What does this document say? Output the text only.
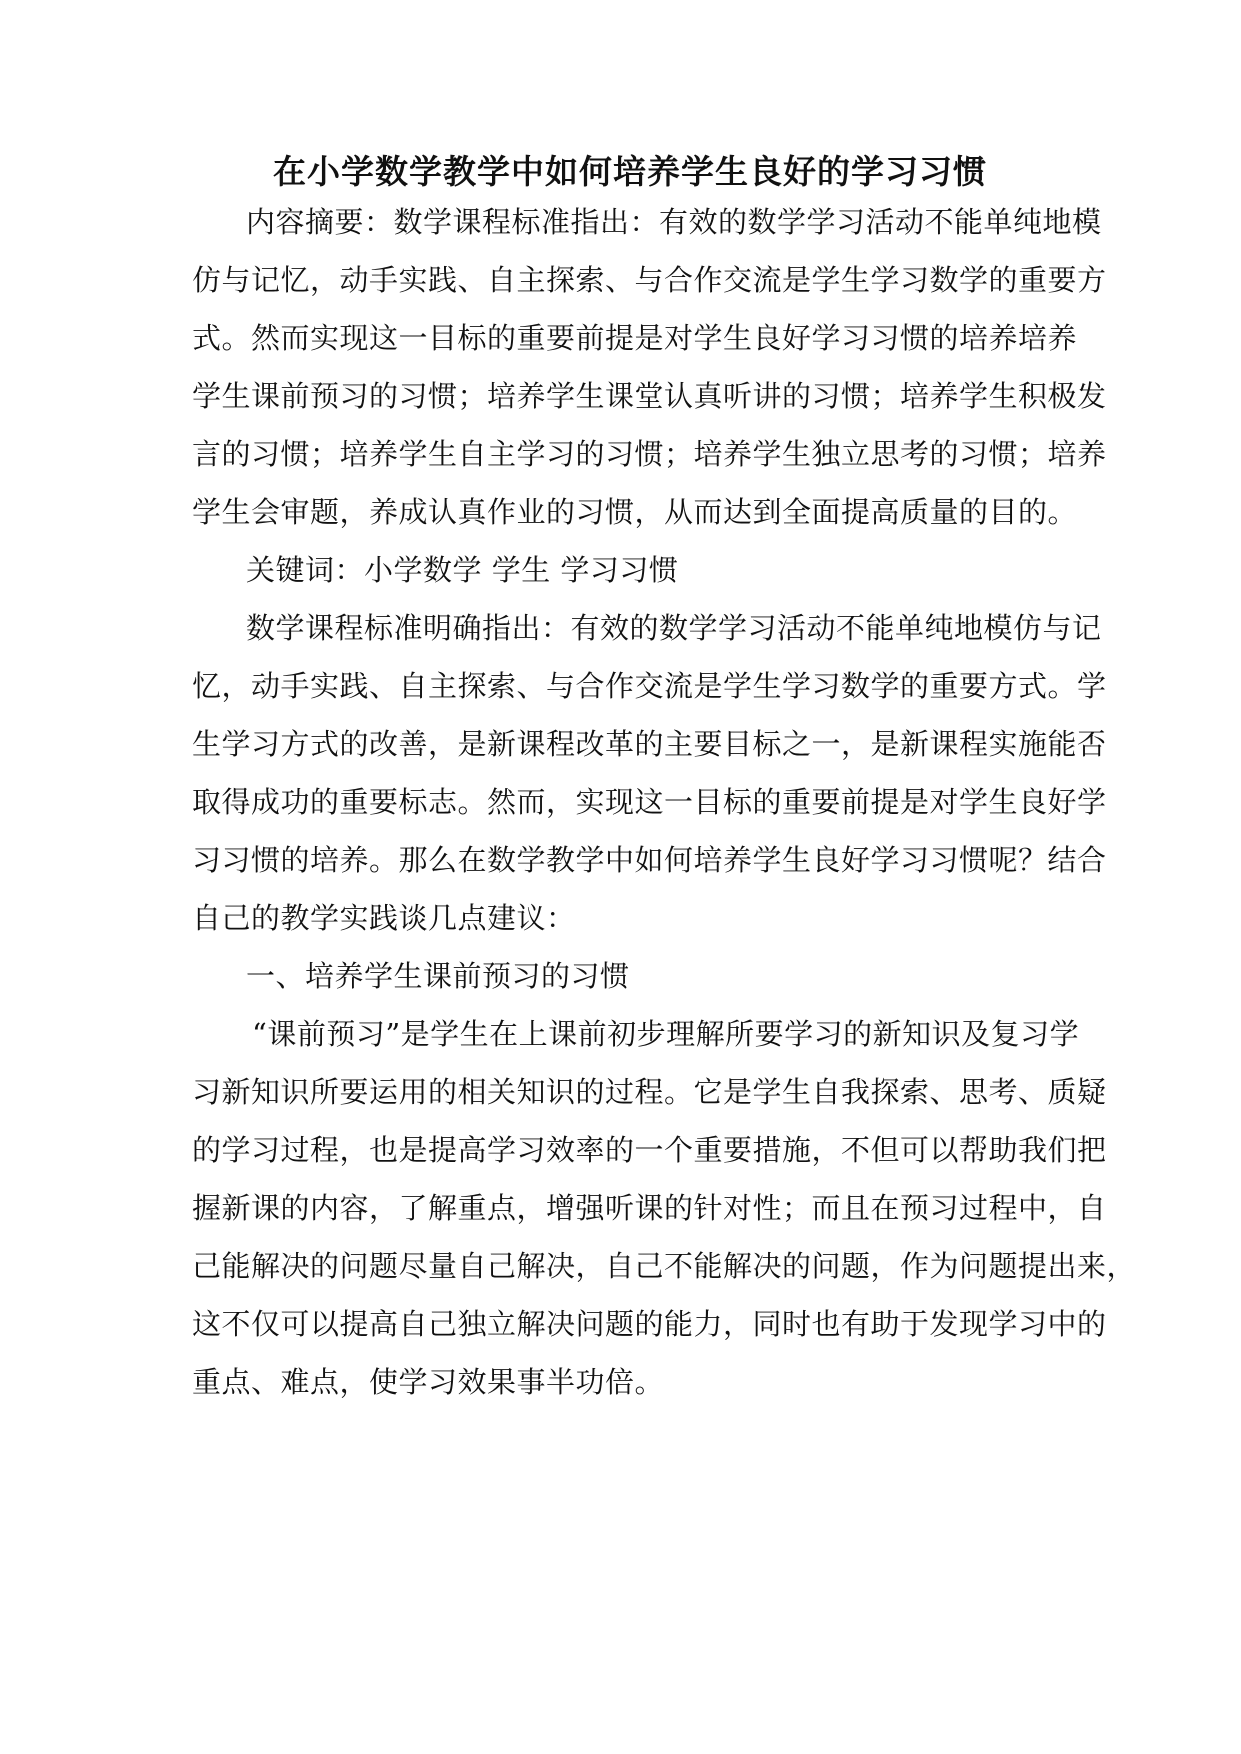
在小学数学教学中如何培养学生良好的学习习惯
内容摘要：数学课程标准指出：有效的数学学习活动不能单纯地模
仿与记忆，动手实践、自主探索、与合作交流是学生学习数学的重要方
式。然而实现这一目标的重要前提是对学生良好学习习惯的培养培养
学生课前预习的习惯；培养学生课堂认真听讲的习惯；培养学生积极发
言的习惯；培养学生自主学习的习惯；培养学生独立思考的习惯；培养
学生会审题，养成认真作业的习惯，从而达到全面提高质量的目的。
关键词：小学数学 学生 学习习惯
数学课程标准明确指出：有效的数学学习活动不能单纯地模仿与记
忆，动手实践、自主探索、与合作交流是学生学习数学的重要方式。学
生学习方式的改善，是新课程改革的主要目标之一，是新课程实施能否
取得成功的重要标志。然而，实现这一目标的重要前提是对学生良好学
习习惯的培养。那么在数学教学中如何培养学生良好学习习惯呢？结合
自己的教学实践谈几点建议：
一、培养学生课前预习的习惯
“课前预习”是学生在上课前初步理解所要学习的新知识及复习学
习新知识所要运用的相关知识的过程。它是学生自我探索、思考、质疑
的学习过程，也是提高学习效率的一个重要措施，不但可以帮助我们把
握新课的内容，了解重点，增强听课的针对性；而且在预习过程中，自
己能解决的问题尽量自己解决，自己不能解决的问题，作为问题提出来，
这不仅可以提高自己独立解决问题的能力，同时也有助于发现学习中的
重点、难点，使学习效果事半功倍。
